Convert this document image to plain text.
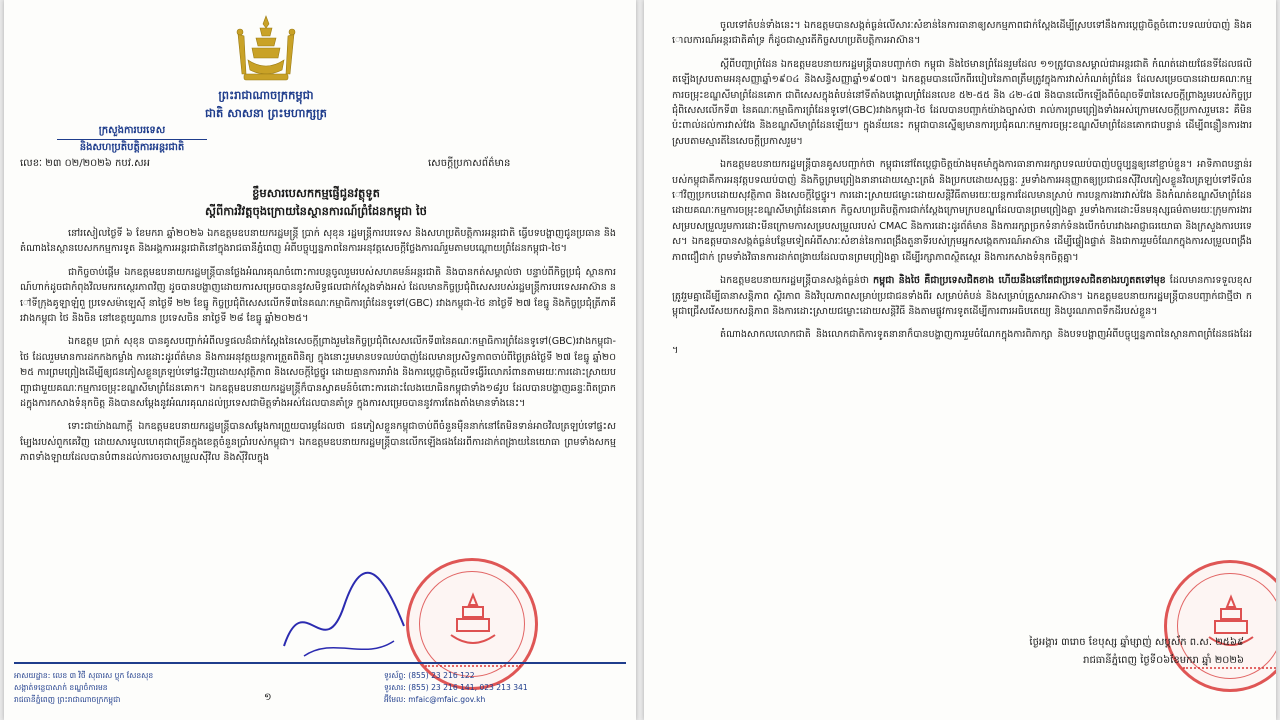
ព្រះរាជាណាចក្រកម្ពុជា
ជាតិ សាសនា ព្រះមហាក្សត្រ
ក្រសួងការបរទេស
និងសហប្រតិបត្តិការអន្តរជាតិ
លេខៈ ២៣ ០២/២០២៦ កបវ.សអ	សេចក្តីប្រកាសព័ត៌មាន
ខ្លឹមសារបេសកកម្មផ្ញើជូនវត្ថុទូត
ស្តីពីការវិវត្តចុងក្រោយនៃស្ថានការណ៍ព្រំដែនកម្ពុជា ថៃ

នៅរសៀលថ្ងៃទី ៦ ខែមករា ឆ្នាំ២០២៦ ឯកឧត្តមឧបនាយករដ្ឋមន្ត្រី ប្រាក់ សុខុន រដ្ឋមន្ត្រីការបរទេស និងសហប្រតិបត្តិការអន្តរជាតិ ធ្វើបទបង្ហាញជូនប្រធាន និងតំណាងនៃស្ថានបេសកកម្មការទូត និងអង្គការអន្តរជាតិនៅក្នុងរាជធានីភ្នំពេញ អំពីបច្ចុប្បន្នភាពនៃការអនុវត្តសេចក្តីថ្លែងការណ៍រួមតាមបណ្តោយព្រំដែនកម្ពុជា-ថៃ។

ជាកិច្ចចាប់ផ្តើម ឯកឧត្តមឧបនាយករដ្ឋមន្ត្រីបានថ្លែងអំណរគុណចំពោះការបន្តចូលរួមរបស់សហគមន៍អន្តរជាតិ និងបានកត់សម្គាល់ថា បន្ទាប់ពីកិច្ចប្រជុំ ស្ថានការណ៍ហាក់ដូចជាកំពុងវិលមករកស្ថេរភាពវិញ ដូចបានបង្ហាញដោយការសម្រេចបាននូវសមិទ្ធផលជាក់ស្តែងទាំងអស់ ដែលមានកិច្ចប្រជុំពិសេសរបស់រដ្ឋមន្ត្រីការបរទេសអាស៊ាន នៅទីក្រុងគូឡាឡំពួ ប្រទេសម៉ាឡេស៊ី នាថ្ងៃទី ២២ ខែធ្នូ កិច្ចប្រជុំពិសេសលើកទី៣នៃគណៈកម្មាធិការព្រំដែនទូទៅ(GBC) រវាងកម្ពុជា-ថៃ នាថ្ងៃទី ២៧ ខែធ្នូ និងកិច្ចប្រជុំត្រីភាគីរវាងកម្ពុជា ថៃ និងចិន នៅខេត្តយូណាន ប្រទេសចិន នាថ្ងៃទី ២៨ ខែធ្នូ ឆ្នាំ២០២៥។

ឯកឧត្តម ប្រាក់ សុខុន បានគូសបញ្ជាក់អំពីលទ្ធផលដ៏ជាក់ស្តែងនៃសេចក្តីព្រាងរួមនៃកិច្ចប្រជុំពិសេសលើកទី៣នៃគណៈកម្មាធិការព្រំដែនទូទៅ(GBC)រវាងកម្ពុជា-ថៃ ដែលរួមមានការដកកងកម្លាំង ការដោះដូរព័ត៌មាន និងការអនុវត្តយន្តការត្រួតពិនិត្យ ក្នុងនោះរួមមានបទឈប់បាញ់ដែលមានប្រសិទ្ធភាពចាប់ពីថ្ងៃត្រង់ថ្ងៃទី ២៧ ខែធ្នូ ឆ្នាំ២០២៥ ការព្រមព្រៀងដើម្បីឲ្យជនភៀសខ្លួនត្រឡប់ទៅផ្ទះវិញដោយសុវត្ថិភាព និងសេចក្តីថ្លៃថ្នូរ ដោយគ្មានការរារាំង និងការប្តេជ្ញាចិត្តលើទង្វើរំលោភរំពានតាមរយៈការដោះស្រាយបញ្ហាជាមួយគណៈកម្មការចម្រុះខណ្ឌសីមាព្រំដែនគោក។ ឯកឧត្តមឧបនាយករដ្ឋមន្ត្រីក៏បានស្វាគមន៍ចំពោះការដោះលែងយោធិនកម្ពុជាទាំង១៨រូប ដែលបានបង្ហាញឆន្ទៈពិតប្រាកដក្នុងការកសាងទំនុកចិត្ត និងបានសម្តែងនូវអំណរគុណដល់ប្រទេសជាមិត្តទាំងអស់ដែលបានគាំទ្រ ក្នុងការសម្រេចបាននូវការតែងតាំងមានទាំងនេះ។

ទោះជាយ៉ាងណាក្តី ឯកឧត្តមឧបនាយករដ្ឋមន្ត្រីបានសម្តែងការព្រួយបារម្ភដែលថា ជនភៀសខ្លួនកម្ពុជាចាប់ពីចំនួនម៉ឺននាក់នៅតែមិនទាន់អាចវិលត្រឡប់ទៅផ្ទះសម្បែងរបស់ពួកគេវិញ ដោយសារមូលហេតុជាច្រើនក្នុងខេត្តចំនួនប្រាំរបស់កម្ពុជា។ ឯកឧត្តមឧបនាយករដ្ឋមន្ត្រីបានលើកឡើងផងដែរពីការដាក់ពង្រាយនៃយោធា ព្រមទាំងសកម្មភាពទាំងឡាយដែលបានបំពានដល់ការចរចាសម្រួលស៊ីវិល និងស៊ីវិលក្នុង

អាសយដ្ឋាន: លេខ ៣ វិថី សុធារស ប្លុក សែនសុខ
សង្កាត់ទន្លេបាសាក់ ខណ្ឌចំការមន
រាជធានីភ្នំពេញ ព្រះរាជាណាចក្រកម្ពុជា	១
ទូរស័ព្ទ: (855) 23 216 122
ទូរសារ: (855) 23 216 141, 023 213 341
អ៊ីមែល: mfaic@mfaic.gov.kh

ចូលទៅតំបន់ទាំងនេះ។ ឯកឧត្តមបានសង្កត់ធ្ងន់លើសារៈសំខាន់នៃការធានាឲ្យសកម្មភាពជាក់ស្តែងដើម្បីស្របទៅនឹងការប្តេជ្ញាចិត្តចំពោះបទឈប់បាញ់ និងគោលការណ៍អន្តរជាតិគាំទ្រ ក៏ដូចជាស្មារតីកិច្ចសហប្រតិបត្តិការអាស៊ាន។

ស្តីពីបញ្ហាព្រំដែន ឯកឧត្តមឧបនាយករដ្ឋមន្ត្រីបានបញ្ជាក់ថា កម្ពុជា និងថៃមានព្រំដែនរួមដែល ១១ត្រូវបានសម្គាល់ជាអន្តរជាតិ កំណត់ដោយផែនទីដែលផលិតឡើងស្របតាមអនុសញ្ញាឆ្នាំ១៩០៤ និងសន្ធិសញ្ញាឆ្នាំ១៩០៧។ ឯកឧត្តមបានលើកពីរបៀបនៃភាពត្រឹមត្រូវក្នុងការវាស់កំណត់ព្រំដែន ដែលសម្រេចបានដោយគណៈកម្មការចម្រុះខណ្ឌសីមាព្រំដែនគោក ជាពិសេសក្នុងតំបន់នៅទីតាំងបង្គោលព្រំដែនលេខ ៥២-៥៥ និង ៤២-៤៧ និងបានលើកឡើងពីចំណុចទី៣នៃសេចក្តីព្រាងរួមរបស់កិច្ចប្រជុំពិសេសលើកទី៣ នៃគណៈកម្មាធិការព្រំដែនទូទៅ(GBC)រវាងកម្ពុជា-ថៃ ដែលបានបញ្ជាក់យ៉ាងច្បាស់ថា រាល់ការព្រមព្រៀងទាំងអស់ក្រោមសេចក្តីប្រកាសរួមនេះ គឺមិនប៉ះពាល់ដល់ការវាស់វែង និងខណ្ឌសីមាព្រំដែនឡើយ។ ក្នុងន័យនេះ កម្ពុជាបានស្នើឲ្យមានការប្រជុំគណៈកម្មការចម្រុះខណ្ឌសីមាព្រំដែនគោកជាបន្ទាន់ ដើម្បីពន្លឿនការងារស្របតាមស្មារតីនៃសេចក្តីប្រកាសរួម។

ឯកឧត្តមឧបនាយករដ្ឋមន្ត្រីបានគូសបញ្ជាក់ថា កម្ពុជានៅតែប្តេជ្ញាចិត្តយ៉ាងមុតមាំក្នុងការធានាការរក្សាបទឈប់បាញ់បច្ចុប្បន្នឲ្យនៅខ្ជាប់ខ្ជួន។ អាទិភាពបន្ទាន់របស់កម្ពុជាគឺការអនុវត្តបទឈប់បាញ់ និងកិច្ចព្រមព្រៀងនានាដោយស្មោះត្រង់ និងប្រកបដោយសុច្ឆន្ទៈ រួមទាំងការអនុញ្ញាតឲ្យប្រជាជនស៊ីវិលភៀសខ្លួនវិលត្រឡប់ទៅទីលំនៅវិញប្រកបដោយសុវត្ថិភាព និងសេចក្តីថ្លៃថ្នូរ។ ការដោះស្រាយជម្លោះដោយសន្តិវិធីតាមរយៈយន្តការដែលមានស្រាប់ ការបន្តការងារវាស់វែង និងកំណត់ខណ្ឌសីមាព្រំដែនដោយគណៈកម្មការចម្រុះខណ្ឌសីមាព្រំដែនគោក កិច្ចសហប្រតិបត្តិការជាក់ស្តែងក្រោមក្របខណ្ឌដែលបានព្រមព្រៀងគ្នា រួមទាំងការដោះមីនមនុស្សធម៌តាមរយៈក្រុមការងារសម្របសម្រួលរួមការដោះមីនក្រោមការសម្របសម្រួលរបស់ CMAC និងការដោះដូរព័ត៌មាន និងការរក្សាច្រកទំនាក់ទំនងបើកចំហរវាងអាជ្ញាធរយោធា និងក្រសួងការបរទេស។ ឯកឧត្តមបានសង្កត់ធ្ងន់បន្ថែមទៀតអំពីសារៈសំខាន់នៃការពង្រឹងតួនាទីរបស់ក្រុមអ្នកសង្កេតការណ៍អាស៊ាន ដើម្បីផ្ទៀងផ្ទាត់ និងជាការរួមចំណែកក្នុងការសម្រួលពង្រឹងភាពជឿជាក់ ព្រមទាំងវិធានការដាក់ពង្រាយដែលបានព្រមព្រៀងគ្នា ដើម្បីរក្សាភាពស្ថិតស្ថេរ និងការកសាងទំនុកចិត្តគ្នា។

ឯកឧត្តមឧបនាយករដ្ឋមន្ត្រីបានសង្កត់ធ្ងន់ថា កម្ពុជា និងថៃ គឺជាប្រទេសជិតខាង ហើយនឹងនៅតែជាប្រទេសជិតខាងរហូតតទៅមុខ ដែលមានការទទួលខុសត្រូវរួមគ្នាដើម្បីធានាសន្តិភាព ស្ថិរភាព និងវិបុលភាពសម្រាប់ប្រជាជនទាំងពីរ សម្រាប់តំបន់ និងសម្រាប់គ្រួសារអាស៊ាន។ ឯកឧត្តមឧបនាយករដ្ឋមន្ត្រីបានបញ្ជាក់ជាថ្មីថា កម្ពុជាជ្រើសរើសយកសន្តិភាព និងការដោះស្រាយជម្លោះដោយសន្តិវិធី និងតាមផ្លូវការទូតដើម្បីការពារអធិបតេយ្យ និងបូរណភាពទឹកដីរបស់ខ្លួន។

តំណាងសាកលលោកជាតិ និងលោកជាតិការទូតនានាក៏បានបង្ហាញការរួមចំណែកក្នុងការពិភាក្សា និងបទបង្ហាញអំពីបច្ចុប្បន្នភាពនៃស្ថានភាពព្រំដែនផងដែរ។

ថ្ងៃអង្គារ ៣រោច ខែបុស្ស ឆ្នាំម្សាញ់ សប្តស័ក ព.ស. ២៥៦៩
រាជធានីភ្នំពេញ ថ្ងៃទី០៦ខែមករា ឆ្នាំ ២០២៦
